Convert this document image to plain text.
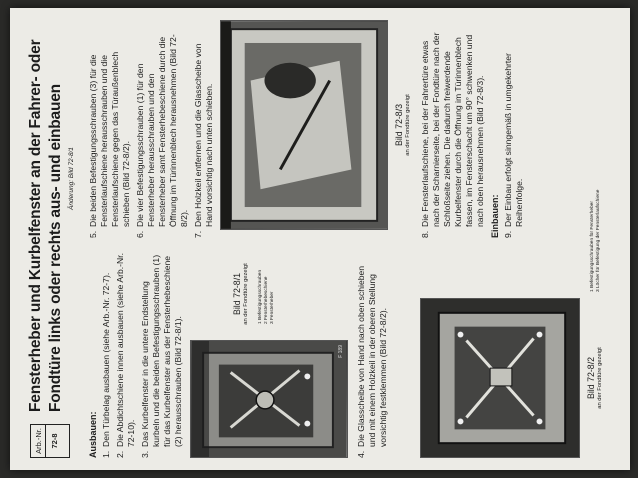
Arb.-Nr. 72-8
Fensterheber und Kurbelfenster an der Fahrer- oder Fondtüre links oder rechts aus- und einbauen Änderung: Bild 72-8/1
Ausbauen: 1.
Den Türbelag ausbauen (siehe Arb.-Nr. 72-7).
2.
Die Abdichtschiene innen ausbauen (siehe Arb.-Nr. 72-10).
3.
Das Kurbelfenster in die untere Endstellung kurbeln und die beiden Befestigungsschrauben (1) für das Kurbelfenster aus der Fensterhebeschiene (2) herausschrauben (Bild 72-8/1).	F 189
Bild 72-8/1 an der Fondtüre gezeigt 1 Befestigungsschrauben 2 Fensterhebeschiene 3 Fensterheber
4.
Die Glasscheibe von Hand nach oben schieben und mit einem Holzkeil in der oberen Stellung vorsichtig festklemmen (Bild 72-8/2).	Bild 72-8/2 an der Fondtüre gezeigt
1 Befestigungsschrauben für Fensterheber 3 Löcher für Befestigung der Fensterlaufschiene
5.
Die beiden Befestigungsschrauben (3) für die Fensterlaufschiene herausschrauben und die Fensterlaufschiene gegen das Türaußenblech schieben (Bild 72-8/2).
6.
Die vier Befestigungsschrauben (1) für den Fensterheber herausschrauben und den Fensterheber samt Fensterhebeschiene durch die Öffnung im Türinnenblech herausnehmen (Bild 72-8/2).
7.
Den Holzkeil entfernen und die Glasscheibe von Hand vorsichtig nach unten schieben.	Bild 72-8/3 an der Fondtüre gezeigt
8.
Die Fensterlaufschiene, bei der Fahrertüre etwas nach der Scharnierseite, bei der Fondtüre nach der Schloßseite ziehen. Die dadurch freiwerdende Kurbelfenster durch die Öffnung im Türinnenblech fassen, im Fensterschacht um 90° schwenken und nach oben herausnehmen (Bild 72-8/3). Einbauen: 9.
Der Einbau erfolgt sinngemäß in umgekehrter Reihenfolge.
